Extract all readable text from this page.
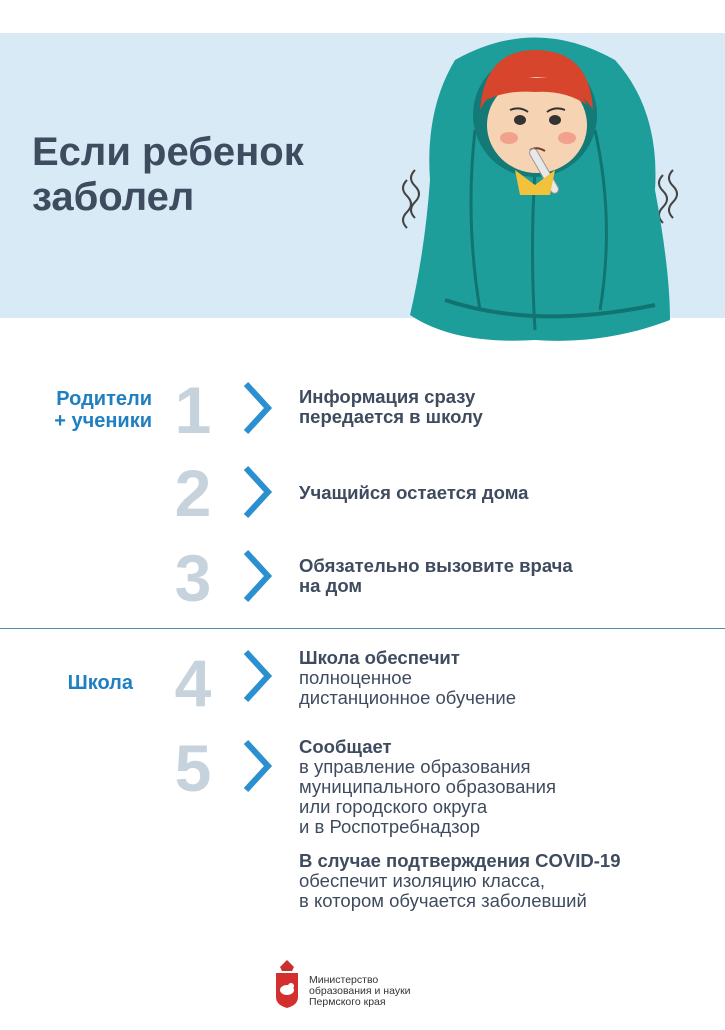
Если ребенок
заболел
Родители
+ ученики
Школа
1	Информация сразу передается в школу
2	Учащийся остается дома
3	Обязательно вызовите врача на дом
4	Школа обеспечит
полноценное
дистанционное обучение
5	Сообщает
в управление образования
муниципального образования
или городского округа
и в Роспотребнадзор
В случае подтверждения COVID-19
обеспечит изоляцию класса,
в котором обучается заболевший
Министерство
образования и науки
Пермского края
